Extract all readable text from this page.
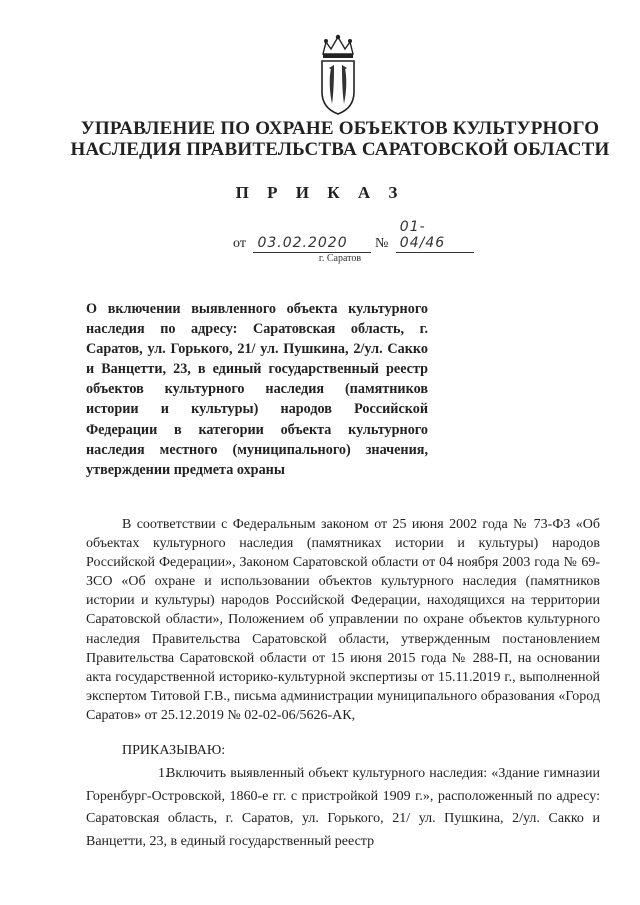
УПРАВЛЕНИЕ ПО ОХРАНЕ ОБЪЕКТОВ КУЛЬТУРНОГО
НАСЛЕДИЯ ПРАВИТЕЛЬСТВА САРАТОВСКОЙ ОБЛАСТИ
П Р И К А З
от 03.02.2020 № 01-04/46
г. Саратов
О включении выявленного объекта культурного наследия по адресу: Саратовская область, г. Саратов, ул. Горького, 21/ ул. Пушкина, 2/ул. Сакко и Ванцетти, 23, в единый государственный реестр объектов культурного наследия (памятников истории и культуры) народов Российской Федерации в категории объекта культурного наследия местного (муниципального) значения, утверждении предмета охраны

В соответствии с Федеральным законом от 25 июня 2002 года № 73-ФЗ «Об объектах культурного наследия (памятниках истории и культуры) народов Российской Федерации», Законом Саратовской области от 04 ноября 2003 года № 69-ЗСО «Об охране и использовании объектов культурного наследия (памятников истории и культуры) народов Российской Федерации, находящихся на территории Саратовской области», Положением об управлении по охране объектов культурного наследия Правительства Саратовской области, утвержденным постановлением Правительства Саратовской области от 15 июня 2015 года № 288-П, на основании акта государственной историко-культурной экспертизы от 15.11.2019 г., выполненной экспертом Титовой Г.В., письма администрации муниципального образования «Город Саратов» от 25.12.2019 № 02-02-06/5626-АК,

ПРИКАЗЫВАЮ:

1.Включить выявленный объект культурного наследия: «Здание гимназии Горенбург-Островской, 1860-е гг. с пристройкой 1909 г.», расположенный по адресу: Саратовская область, г. Саратов, ул. Горького, 21/ ул. Пушкина, 2/ул. Сакко и Ванцетти, 23, в единый государственный реестр
